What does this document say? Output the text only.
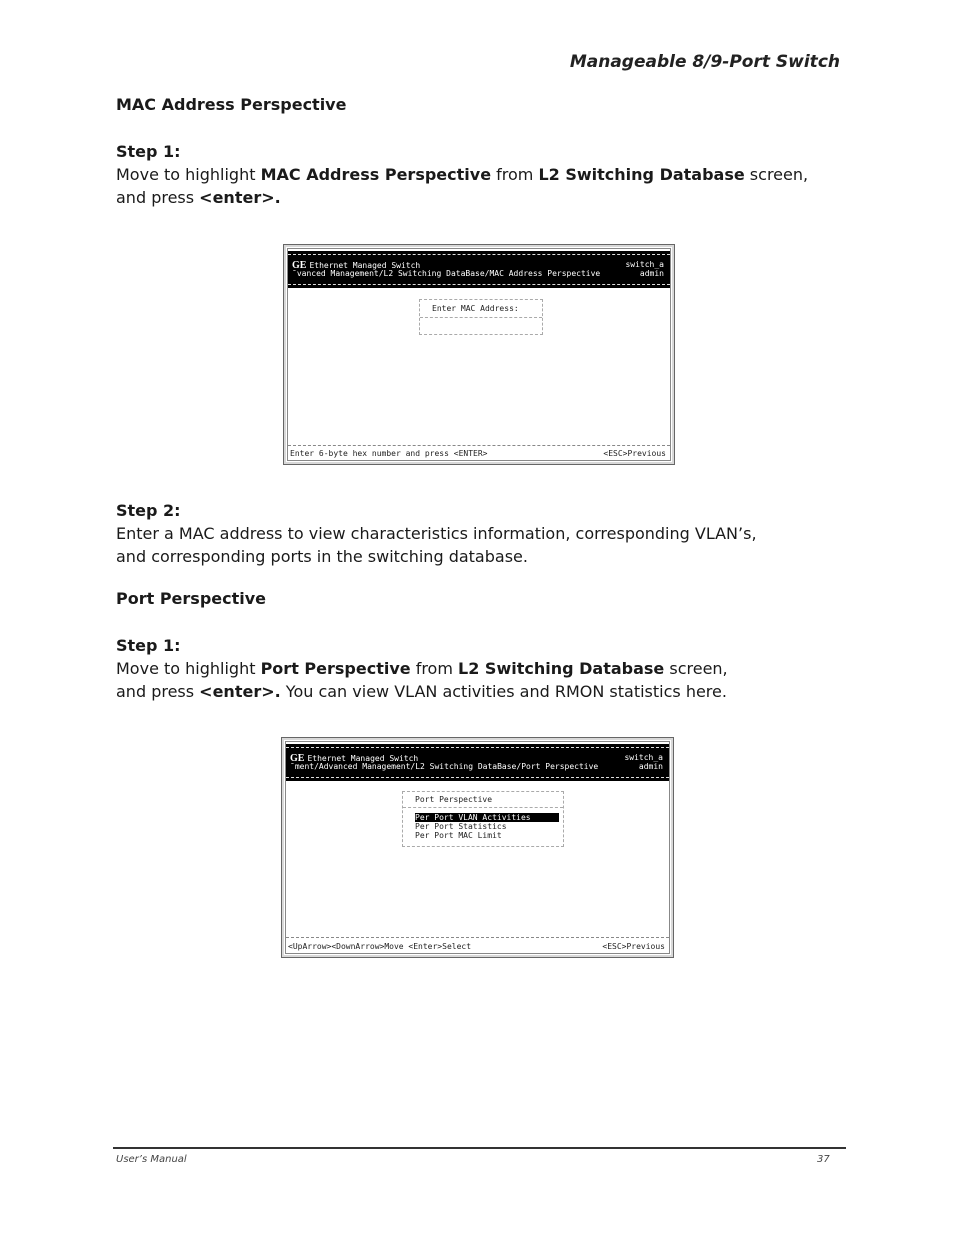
Manageable 8/9-Port Switch
MAC Address Perspective
Step 1:
Move to highlight MAC Address Perspective from L2 Switching Database screen,
and press <enter>.
GE Ethernet Managed Switch
¯vanced Management/L2 Switching DataBase/MAC Address Perspective
switch_a
admin
Enter MAC Address:
Enter 6-byte hex number and press <ENTER>	<ESC>Previous
Step 2:
Enter a MAC address to view characteristics information, corresponding VLAN’s,
and corresponding ports in the switching database.
Port Perspective
Step 1:
Move to highlight Port Perspective from L2 Switching Database screen,
and press <enter>. You can view VLAN activities and RMON statistics here.
GE Ethernet Managed Switch
¯ment/Advanced Management/L2 Switching DataBase/Port Perspective
switch_a
admin
Port Perspective
Per Port VLAN Activities
Per Port Statistics
Per Port MAC Limit
<UpArrow><DownArrow>Move <Enter>Select	<ESC>Previous
User’s Manual	37
